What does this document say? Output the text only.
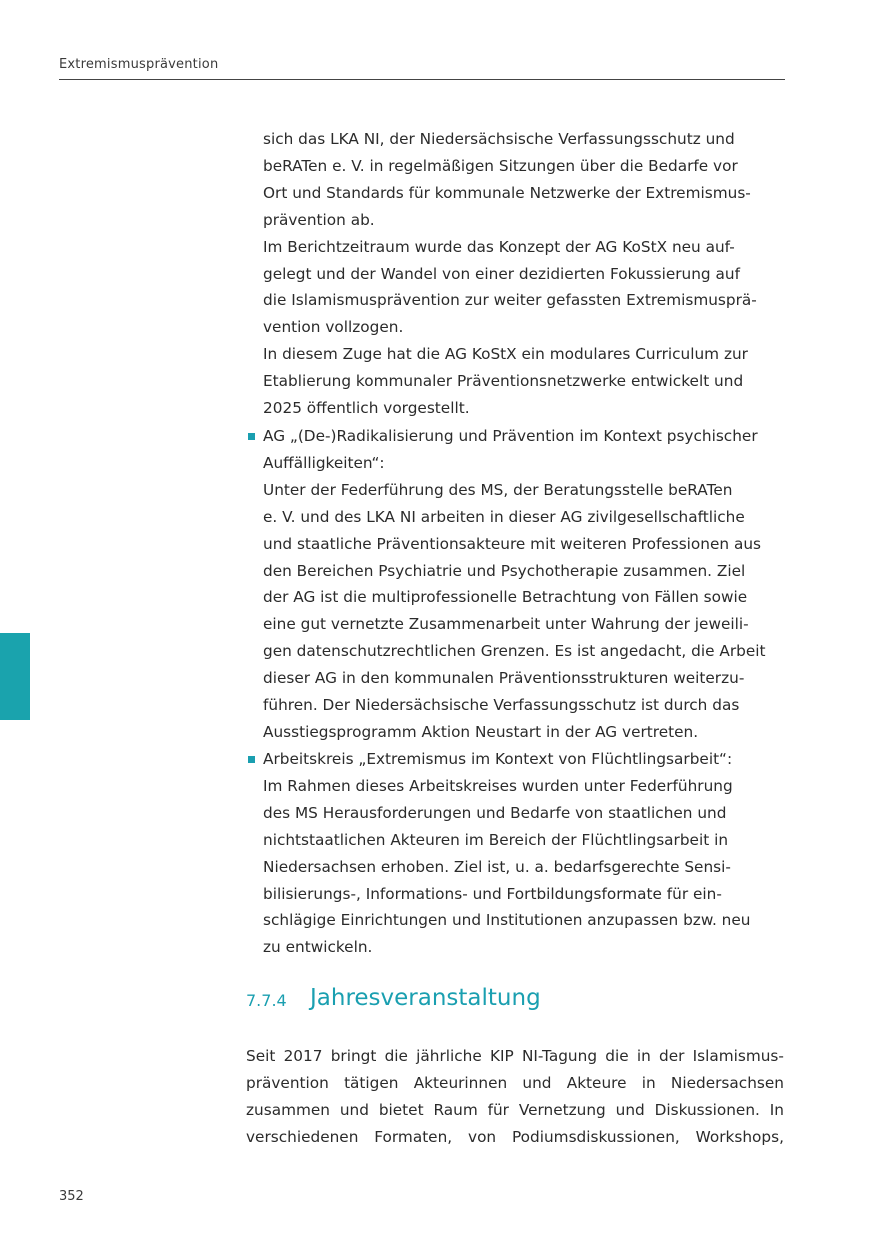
Extremismusprävention
sich das LKA NI, der Niedersächsische Verfassungsschutz und
beRATen e. V. in regelmäßigen Sitzungen über die Bedarfe vor
Ort und Standards für kommunale Netzwerke der Extremismus-
prävention ab.
Im Berichtzeitraum wurde das Konzept der AG KoStX neu auf-
gelegt und der Wandel von einer dezidierten Fokussierung auf
die Islamismusprävention zur weiter gefassten Extremismusprä-
vention vollzogen.
In diesem Zuge hat die AG KoStX ein modulares Curriculum zur
Etablierung kommunaler Präventionsnetzwerke entwickelt und
2025 öffentlich vorgestellt.
AG „(De-)Radikalisierung und Prävention im Kontext psychischer
Auffälligkeiten“:
Unter der Federführung des MS, der Beratungsstelle beRATen
e. V. und des LKA NI arbeiten in dieser AG zivilgesellschaftliche
und staatliche Präventionsakteure mit weiteren Professionen aus
den Bereichen Psychiatrie und Psychotherapie zusammen. Ziel
der AG ist die multiprofessionelle Betrachtung von Fällen sowie
eine gut vernetzte Zusammenarbeit unter Wahrung der jeweili-
gen datenschutzrechtlichen Grenzen. Es ist angedacht, die Arbeit
dieser AG in den kommunalen Präventionsstrukturen weiterzu-
führen. Der Niedersächsische Verfassungsschutz ist durch das
Ausstiegsprogramm Aktion Neustart in der AG vertreten.
Arbeitskreis „Extremismus im Kontext von Flüchtlingsarbeit“:
Im Rahmen dieses Arbeitskreises wurden unter Federführung
des MS Herausforderungen und Bedarfe von staatlichen und
nichtstaatlichen Akteuren im Bereich der Flüchtlingsarbeit in
Niedersachsen erhoben. Ziel ist, u. a. bedarfsgerechte Sensi-
bilisierungs-, Informations- und Fortbildungsformate für ein-
schlägige Einrichtungen und Institutionen anzupassen bzw. neu
zu entwickeln.
7.7.4 Jahresveranstaltung
Seit 2017 bringt die jährliche KIP NI-Tagung die in der Islamismus-
prävention tätigen Akteurinnen und Akteure in Niedersachsen
zusammen und bietet Raum für Vernetzung und Diskussionen. In
verschiedenen Formaten, von Podiumsdiskussionen, Workshops,
352
